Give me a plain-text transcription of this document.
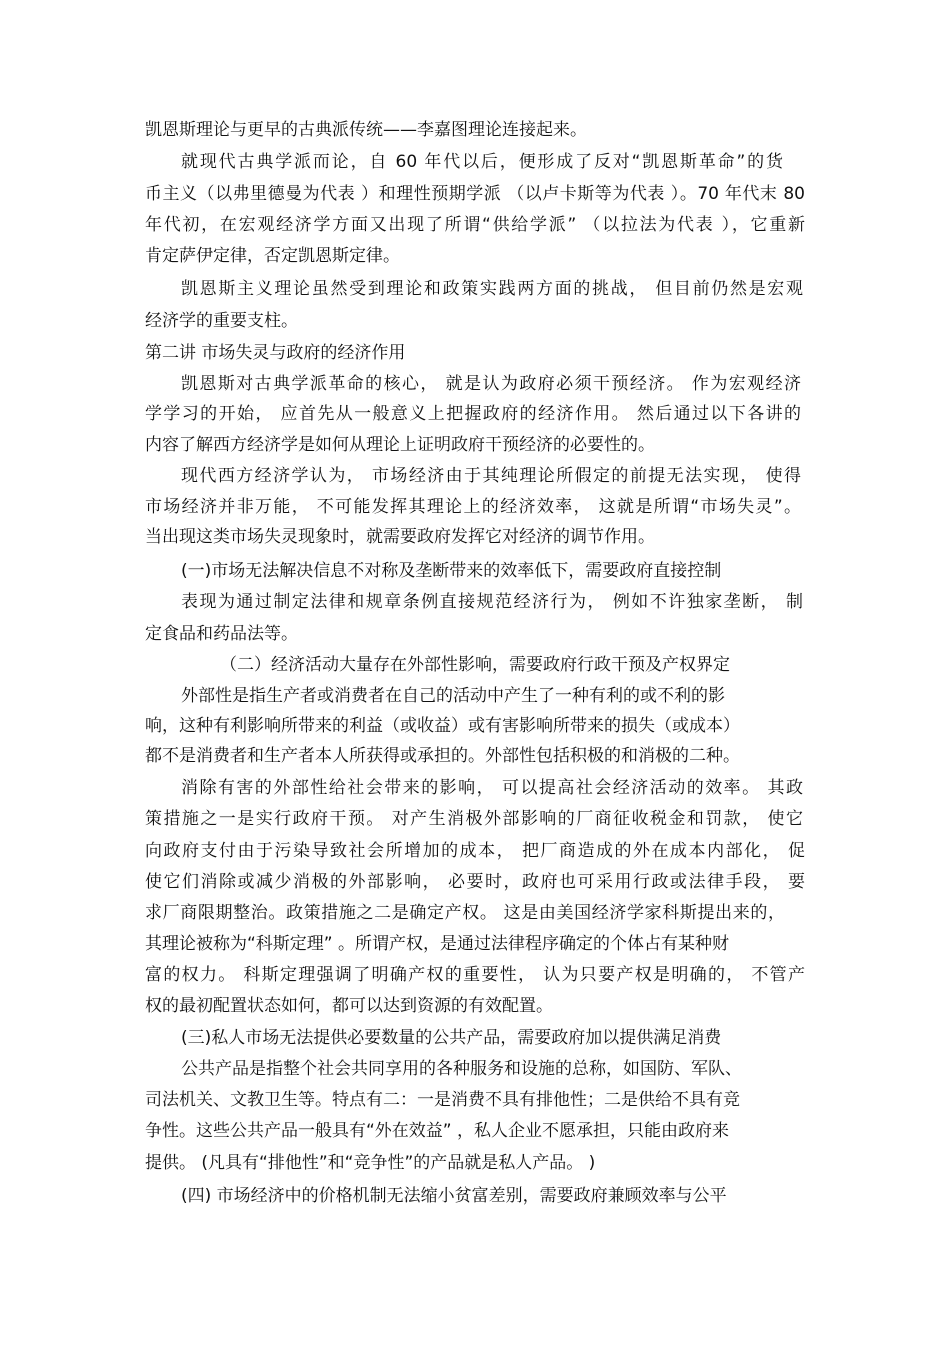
凯恩斯理论与更早的古典派传统——李嘉图理论连接起来。
就现代古典学派而论，自 60 年代以后，便形成了反对“凯恩斯革命”的货
币主义（以弗里德曼为代表 ）和理性预期学派 （以卢卡斯等为代表 ）。70 年代末 80
年代初，在宏观经济学方面又出现了所谓“供给学派” （以拉法为代表 ），它重新
肯定萨伊定律，否定凯恩斯定律。
凯恩斯主义理论虽然受到理论和政策实践两方面的挑战， 但目前仍然是宏观
经济学的重要支柱。
第二讲 市场失灵与政府的经济作用
凯恩斯对古典学派革命的核心， 就是认为政府必须干预经济。 作为宏观经济
学学习的开始， 应首先从一般意义上把握政府的经济作用。 然后通过以下各讲的
内容了解西方经济学是如何从理论上证明政府干预经济的必要性的。
现代西方经济学认为， 市场经济由于其纯理论所假定的前提无法实现， 使得
市场经济并非万能， 不可能发挥其理论上的经济效率， 这就是所谓“市场失灵”。
当出现这类市场失灵现象时，就需要政府发挥它对经济的调节作用。
(一)市场无法解决信息不对称及垄断带来的效率低下，需要政府直接控制
表现为通过制定法律和规章条例直接规范经济行为， 例如不许独家垄断， 制
定食品和药品法等。
（二）经济活动大量存在外部性影响，需要政府行政干预及产权界定
外部性是指生产者或消费者在自己的活动中产生了一种有利的或不利的影
响，这种有利影响所带来的利益（或收益）或有害影响所带来的损失（或成本）
都不是消费者和生产者本人所获得或承担的。外部性包括积极的和消极的二种。
消除有害的外部性给社会带来的影响， 可以提高社会经济活动的效率。 其政
策措施之一是实行政府干预。 对产生消极外部影响的厂商征收税金和罚款， 使它
向政府支付由于污染导致社会所增加的成本， 把厂商造成的外在成本内部化， 促
使它们消除或减少消极的外部影响， 必要时，政府也可采用行政或法律手段， 要
求厂商限期整治。政策措施之二是确定产权。 这是由美国经济学家科斯提出来的，
其理论被称为“科斯定理” 。所谓产权，是通过法律程序确定的个体占有某种财
富的权力。 科斯定理强调了明确产权的重要性， 认为只要产权是明确的， 不管产
权的最初配置状态如何，都可以达到资源的有效配置。
(三)私人市场无法提供必要数量的公共产品，需要政府加以提供满足消费
公共产品是指整个社会共同享用的各种服务和设施的总称，如国防、军队、
司法机关、文教卫生等。特点有二：一是消费不具有排他性；二是供给不具有竞
争性。这些公共产品一般具有“外在效益” ，私人企业不愿承担，只能由政府来
提供。 (凡具有“排他性”和“竞争性”的产品就是私人产品。 )
(四) 市场经济中的价格机制无法缩小贫富差别，需要政府兼顾效率与公平
